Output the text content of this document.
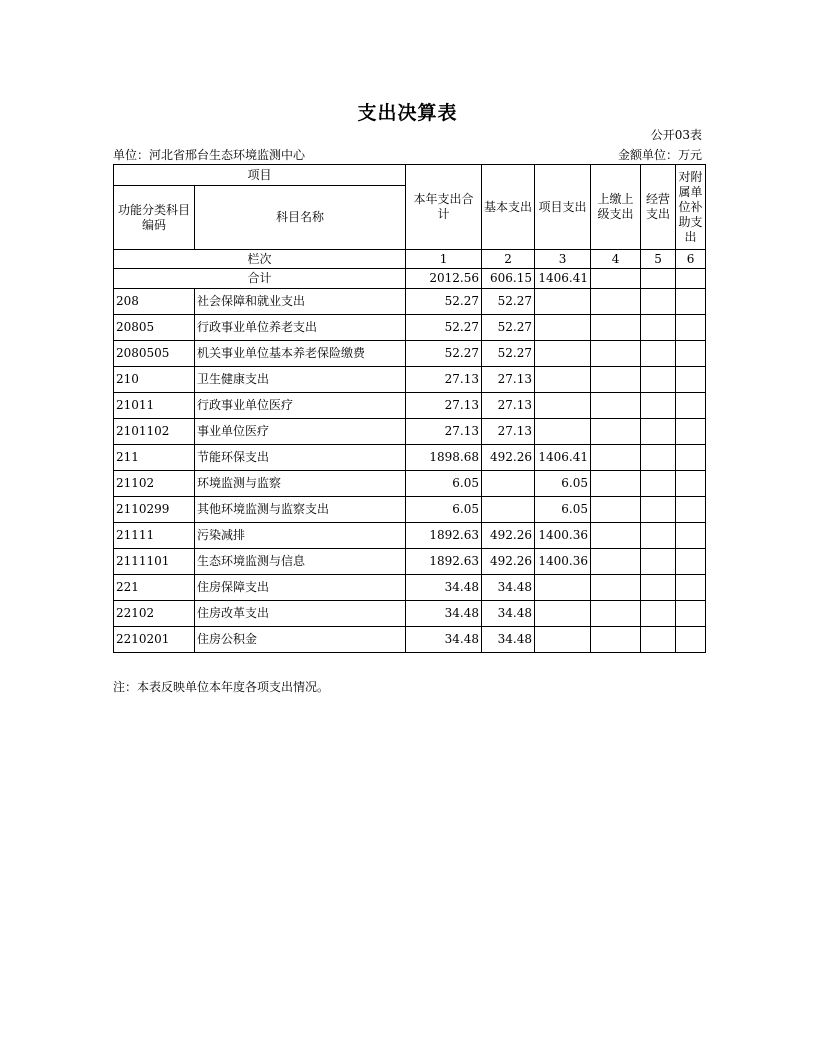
支出决算表
公开03表
单位：河北省邢台生态环境监测中心	金额单位：万元
项目		本年支出合计	基本支出	项目支出	上缴上级支出	经营支出	对附属单位补助支出
功能分类科目编码	科目名称						
栏次		1	2	3	4	5	6
合计		2012.56	606.15	1406.41			
208	社会保障和就业支出	52.27	52.27				
20805	行政事业单位养老支出	52.27	52.27				
2080505	机关事业单位基本养老保险缴费	52.27	52.27				
210	卫生健康支出	27.13	27.13				
21011	行政事业单位医疗	27.13	27.13				
2101102	事业单位医疗	27.13	27.13				
211	节能环保支出	1898.68	492.26	1406.41			
21102	环境监测与监察	6.05		6.05			
2110299	其他环境监测与监察支出	6.05		6.05			
21111	污染减排	1892.63	492.26	1400.36			
2111101	生态环境监测与信息	1892.63	492.26	1400.36			
221	住房保障支出	34.48	34.48				
22102	住房改革支出	34.48	34.48				
2210201	住房公积金	34.48	34.48				
注：本表反映单位本年度各项支出情况。
